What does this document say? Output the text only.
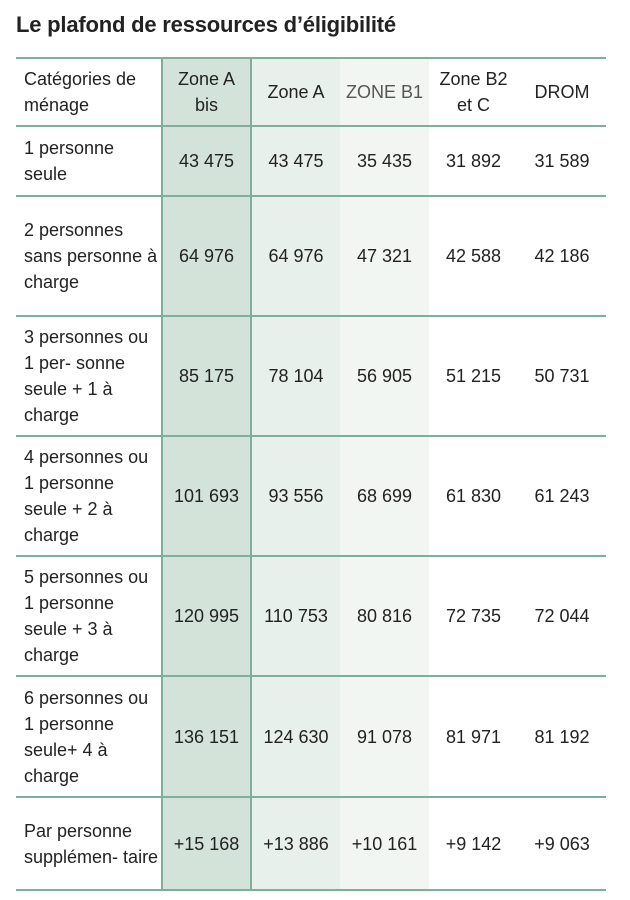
Le plafond de ressources d’éligibilité
Catégories de ménage	Zone A bis	Zone A	ZONE B1	Zone B2 et C	DROM
1 personne seule	43 475	43 475	35 435	31 892	31 589
2 personnes sans personne à charge	64 976	64 976	47 321	42 588	42 186
3 personnes ou 1 per- sonne seule + 1 à charge	85 175	78 104	56 905	51 215	50 731
4 personnes ou 1 personne seule + 2 à charge	101 693	93 556	68 699	61 830	61 243
5 personnes ou 1 personne seule + 3 à charge	120 995	110 753	80 816	72 735	72 044
6 personnes ou 1 personne seule+ 4 à charge	136 151	124 630	91 078	81 971	81 192
Par personne supplémen- taire	+15 168	+13 886	+10 161	+9 142	+9 063
